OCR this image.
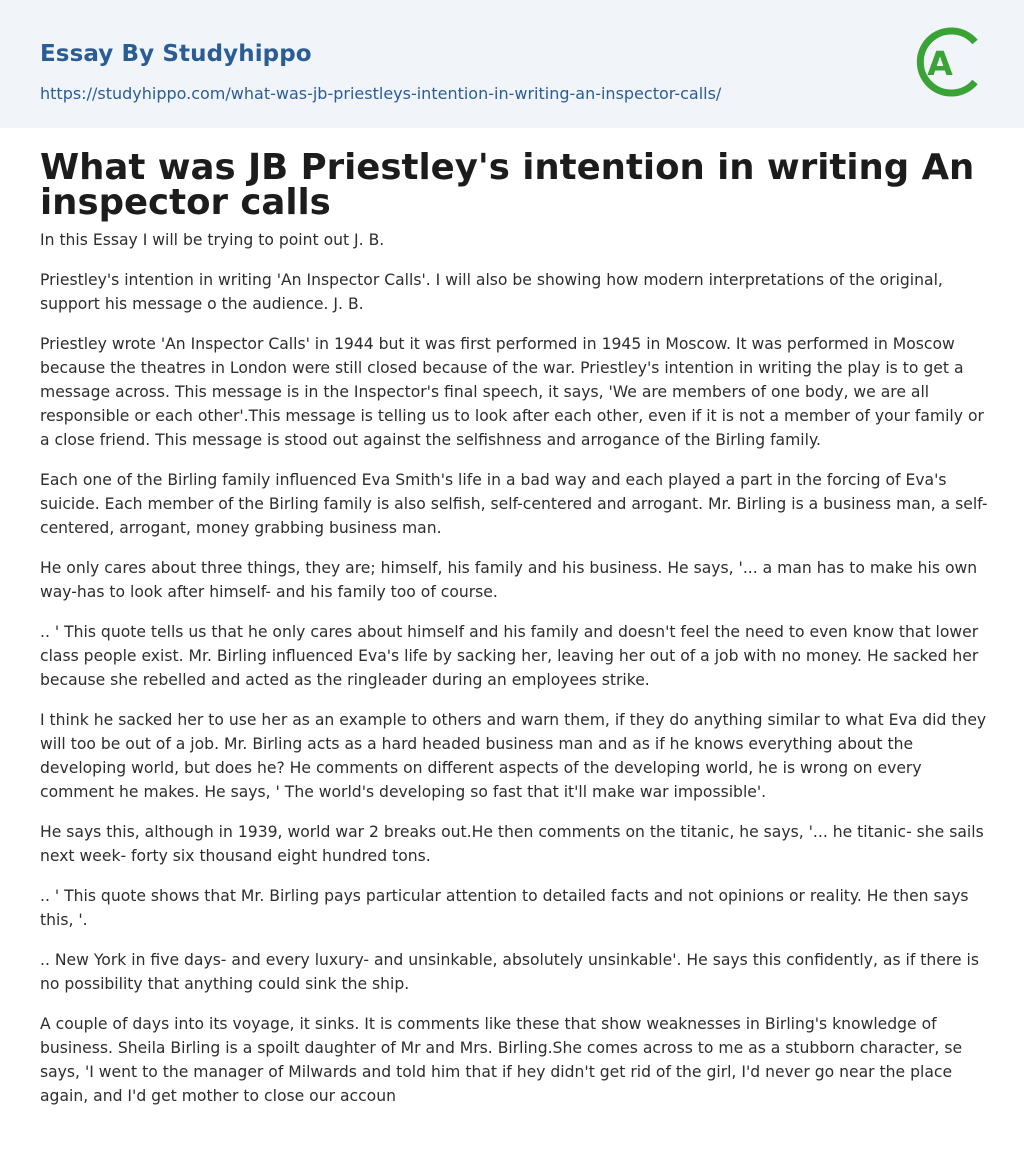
Essay By Studyhippo
https://studyhippo.com/what-was-jb-priestleys-intention-in-writing-an-inspector-calls/
A
What was JB Priestley's intention in writing An inspector calls

In this Essay I will be trying to point out J. B.

Priestley's intention in writing 'An Inspector Calls'. I will also be showing how modern interpretations of the original, support his message o the audience. J. B.

Priestley wrote 'An Inspector Calls' in 1944 but it was first performed in 1945 in Moscow. It was performed in Moscow because the theatres in London were still closed because of the war. Priestley's intention in writing the play is to get a message across. This message is in the Inspector's final speech, it says, 'We are members of one body, we are all responsible or each other'.This message is telling us to look after each other, even if it is not a member of your family or a close friend. This message is stood out against the selfishness and arrogance of the Birling family.

Each one of the Birling family influenced Eva Smith's life in a bad way and each played a part in the forcing of Eva's suicide. Each member of the Birling family is also selfish, self-centered and arrogant. Mr. Birling is a business man, a self-centered, arrogant, money grabbing business man.

He only cares about three things, they are; himself, his family and his business. He says, '... a man has to make his own way-has to look after himself- and his family too of course.

.. ' This quote tells us that he only cares about himself and his family and doesn't feel the need to even know that lower class people exist. Mr. Birling influenced Eva's life by sacking her, leaving her out of a job with no money. He sacked her because she rebelled and acted as the ringleader during an employees strike.

I think he sacked her to use her as an example to others and warn them, if they do anything similar to what Eva did they will too be out of a job. Mr. Birling acts as a hard headed business man and as if he knows everything about the developing world, but does he? He comments on different aspects of the developing world, he is wrong on every comment he makes. He says, ' The world's developing so fast that it'll make war impossible'.

He says this, although in 1939, world war 2 breaks out.He then comments on the titanic, he says, '... he titanic- she sails next week- forty six thousand eight hundred tons.

.. ' This quote shows that Mr. Birling pays particular attention to detailed facts and not opinions or reality. He then says this, '.

.. New York in five days- and every luxury- and unsinkable, absolutely unsinkable'. He says this confidently, as if there is no possibility that anything could sink the ship.

A couple of days into its voyage, it sinks. It is comments like these that show weaknesses in Birling's knowledge of business. Sheila Birling is a spoilt daughter of Mr and Mrs. Birling.She comes across to me as a stubborn character, se says, 'I went to the manager of Milwards and told him that if hey didn't get rid of the girl, I'd never go near the place again, and I'd get mother to close our accoun
